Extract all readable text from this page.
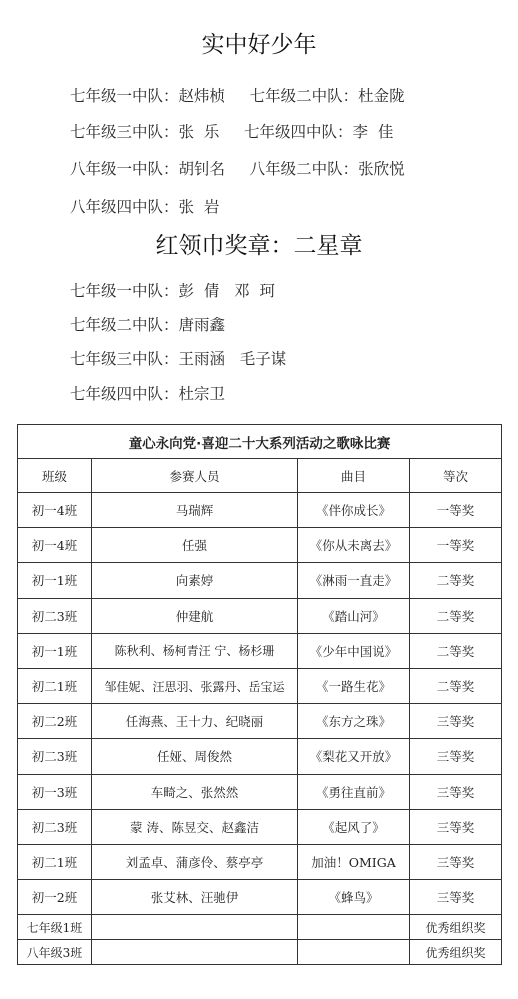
实中好少年
七年级一中队：赵炜桢     七年级二中队：杜金陇
七年级三中队：张  乐     七年级四中队：李  佳
八年级一中队：胡钊名     八年级二中队：张欣悦
八年级四中队：张  岩
红领巾奖章：二星章
七年级一中队：彭  倩   邓  珂
七年级二中队：唐雨鑫
七年级三中队：王雨涵   毛子谋
七年级四中队：杜宗卫
童心永向党·喜迎二十大系列活动之歌咏比赛			
班级	参赛人员	曲目	等次
初一4班	马瑞辉	《伴你成长》	一等奖
初一4班	任强	《你从未离去》	一等奖
初一1班	向素婷	《淋雨一直走》	二等奖
初二3班	仲建航	《踏山河》	二等奖
初一1班	陈秋利、杨柯青汪 宁、杨杉珊	《少年中国说》	二等奖
初二1班	邹佳妮、汪思羽、张露丹、岳宝运	《一路生花》	二等奖
初二2班	任海燕、王十力、纪晓丽	《东方之珠》	三等奖
初二3班	任娅、周俊然	《梨花又开放》	三等奖
初一3班	车畸之、张然然	《勇往直前》	三等奖
初二3班	蒙 涛、陈昱交、赵鑫洁	《起风了》	三等奖
初二1班	刘孟卓、蒲彦伶、蔡亭亭	加油！OMIGA	三等奖
初一2班	张艾林、汪驰伊	《蜂鸟》	三等奖
七年级1班			优秀组织奖
八年级3班			优秀组织奖
